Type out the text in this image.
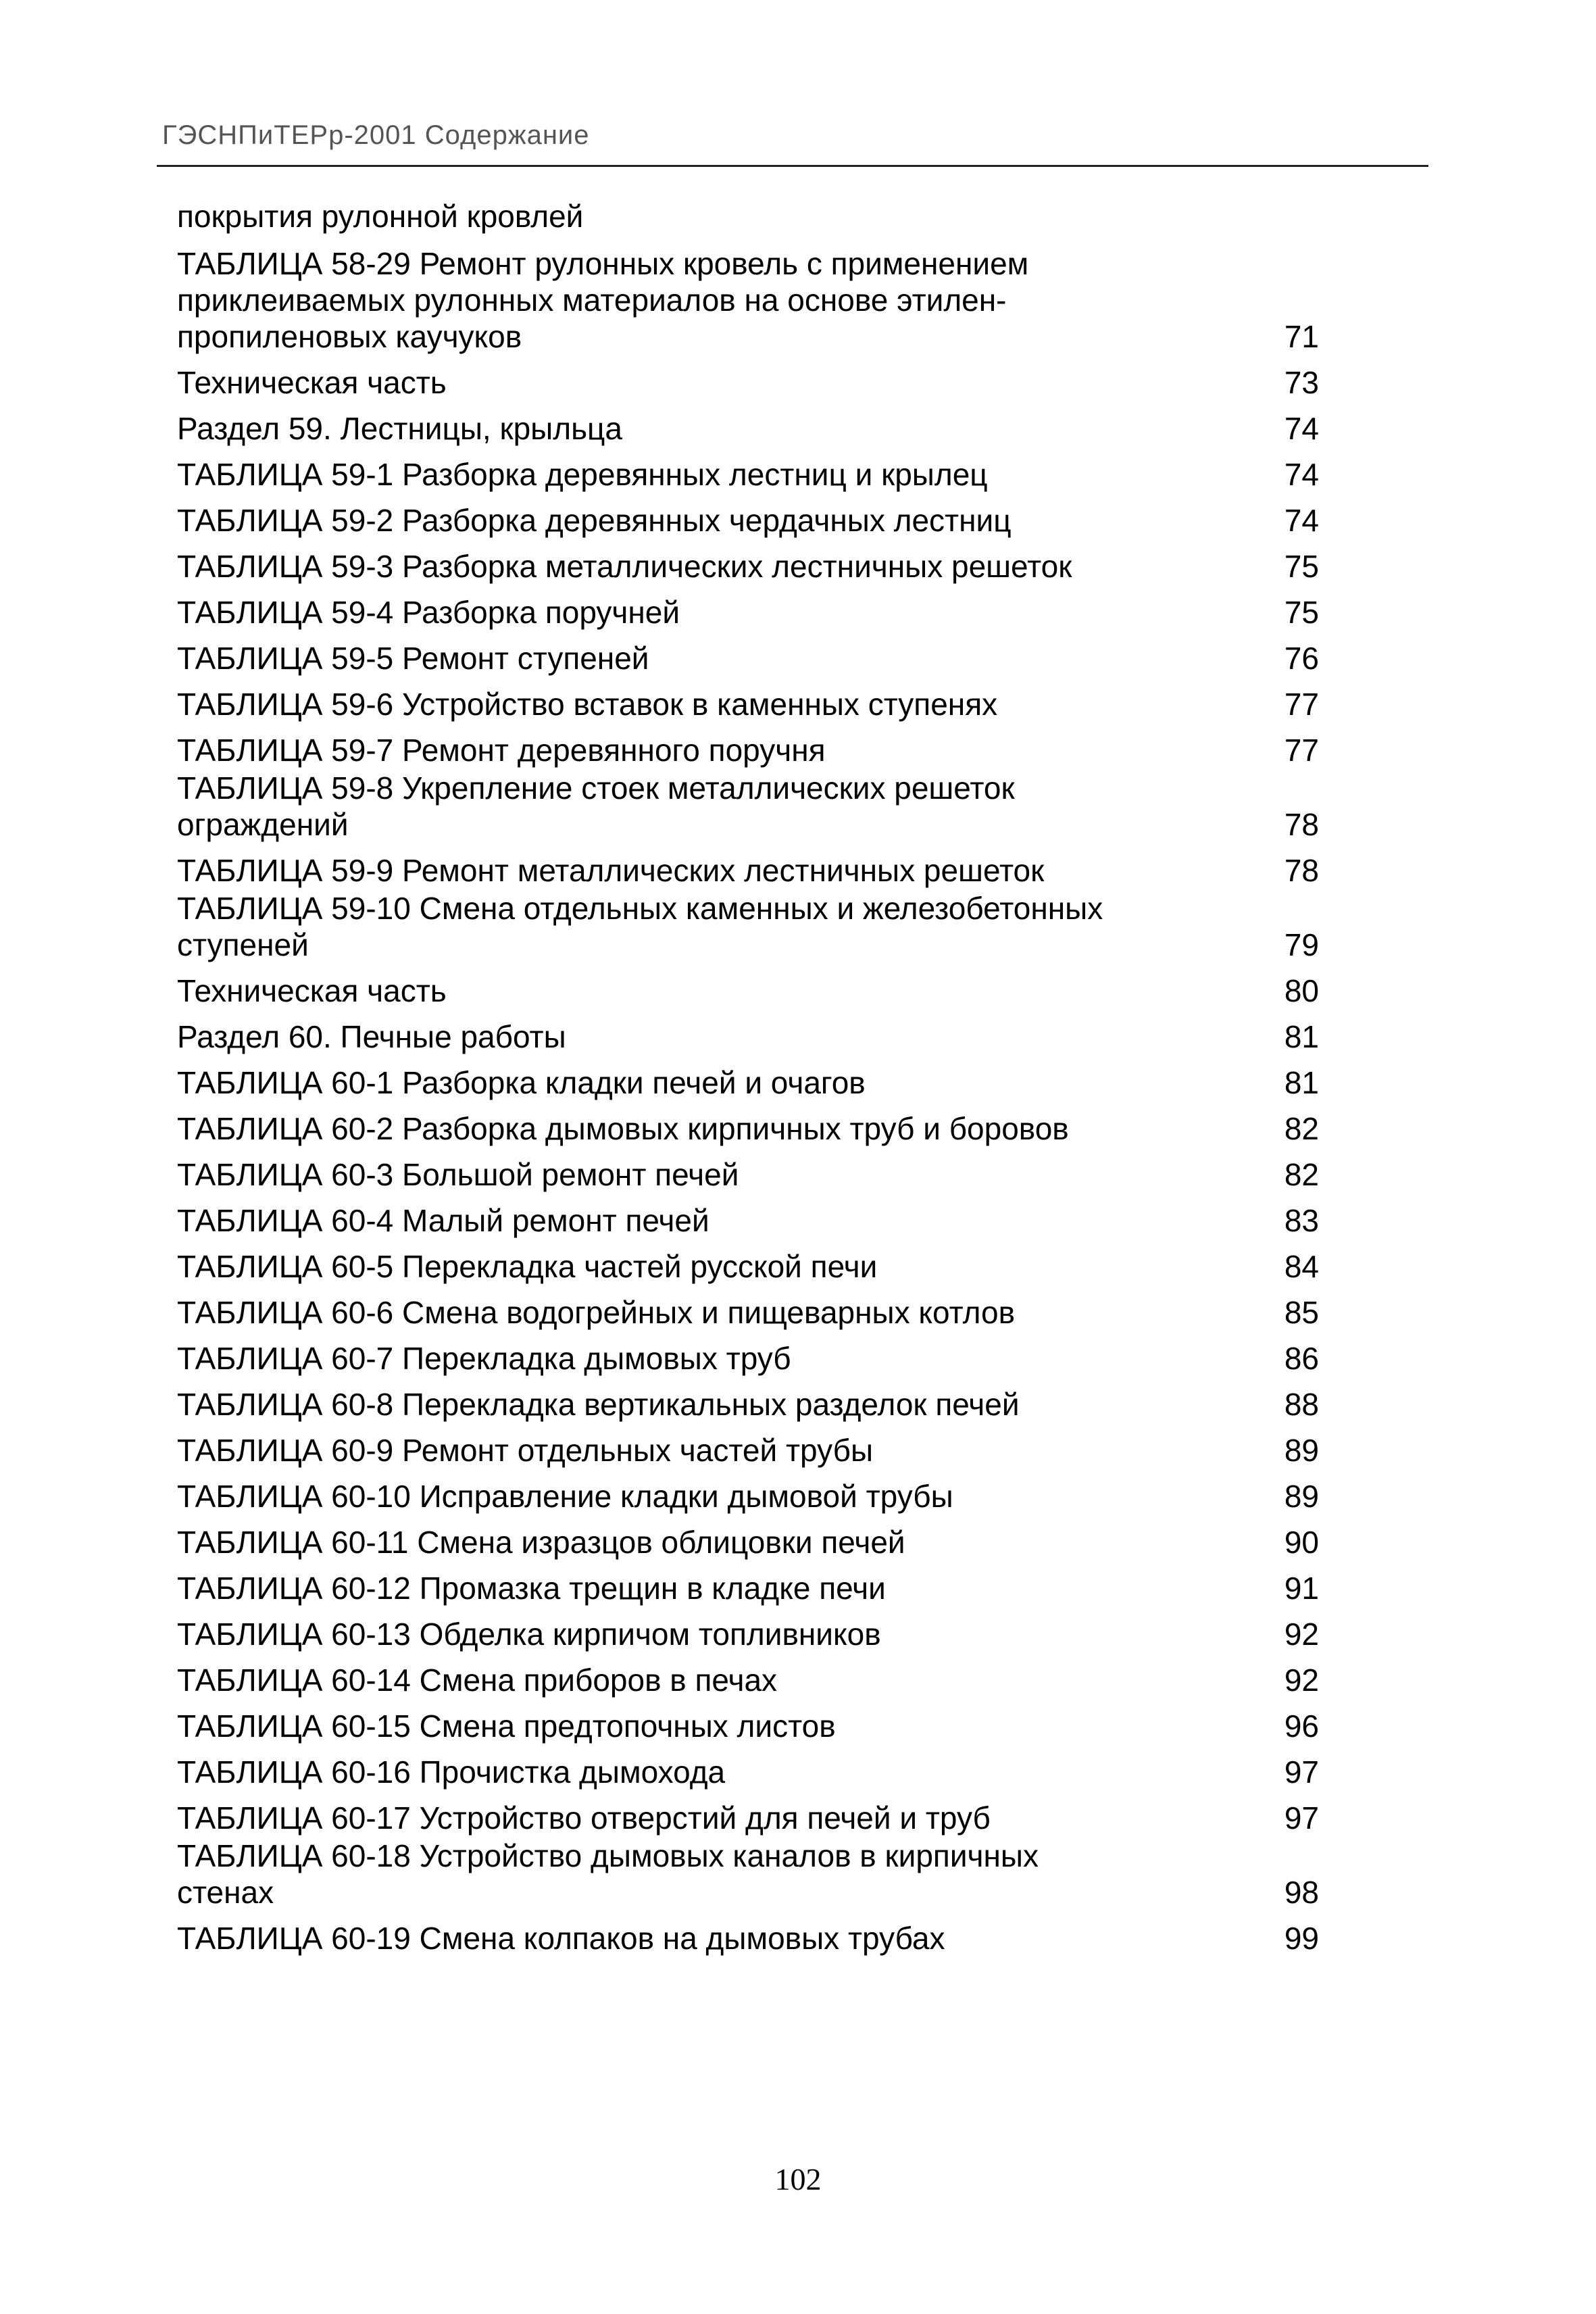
ГЭСНПиТЕРр-2001 Содержание
покрытия рулонной кровлей
ТАБЛИЦА 58-29 Ремонт рулонных кровель с применением
приклеиваемых рулонных материалов на основе этилен-
пропиленовых каучуков	71
Техническая часть	73
Раздел 59. Лестницы, крыльца	74
ТАБЛИЦА 59-1 Разборка деревянных лестниц и крылец	74
ТАБЛИЦА 59-2 Разборка деревянных чердачных лестниц	74
ТАБЛИЦА 59-3 Разборка металлических лестничных решеток	75
ТАБЛИЦА 59-4 Разборка поручней	75
ТАБЛИЦА 59-5 Ремонт ступеней	76
ТАБЛИЦА 59-6 Устройство вставок в каменных ступенях	77
ТАБЛИЦА 59-7 Ремонт деревянного поручня	77
ТАБЛИЦА 59-8 Укрепление стоек металлических решеток
ограждений	78
ТАБЛИЦА 59-9 Ремонт металлических лестничных решеток	78
ТАБЛИЦА 59-10 Смена отдельных каменных и железобетонных
ступеней	79
Техническая часть	80
Раздел 60. Печные работы	81
ТАБЛИЦА 60-1 Разборка кладки печей и очагов	81
ТАБЛИЦА 60-2 Разборка дымовых кирпичных труб и боровов	82
ТАБЛИЦА 60-3 Большой ремонт печей	82
ТАБЛИЦА 60-4 Малый ремонт печей	83
ТАБЛИЦА 60-5 Перекладка частей русской печи	84
ТАБЛИЦА 60-6 Смена водогрейных и пищеварных котлов	85
ТАБЛИЦА 60-7 Перекладка дымовых труб	86
ТАБЛИЦА 60-8 Перекладка вертикальных разделок печей	88
ТАБЛИЦА 60-9 Ремонт отдельных частей трубы	89
ТАБЛИЦА 60-10 Исправление кладки дымовой трубы	89
ТАБЛИЦА 60-11 Смена изразцов облицовки печей	90
ТАБЛИЦА 60-12 Промазка трещин в кладке печи	91
ТАБЛИЦА 60-13 Обделка кирпичом топливников	92
ТАБЛИЦА 60-14 Смена приборов в печах	92
ТАБЛИЦА 60-15 Смена предтопочных листов	96
ТАБЛИЦА 60-16 Прочистка дымохода	97
ТАБЛИЦА 60-17 Устройство отверстий для печей и труб	97
ТАБЛИЦА 60-18 Устройство дымовых каналов в кирпичных
стенах	98
ТАБЛИЦА 60-19 Смена колпаков на дымовых трубах	99
102
